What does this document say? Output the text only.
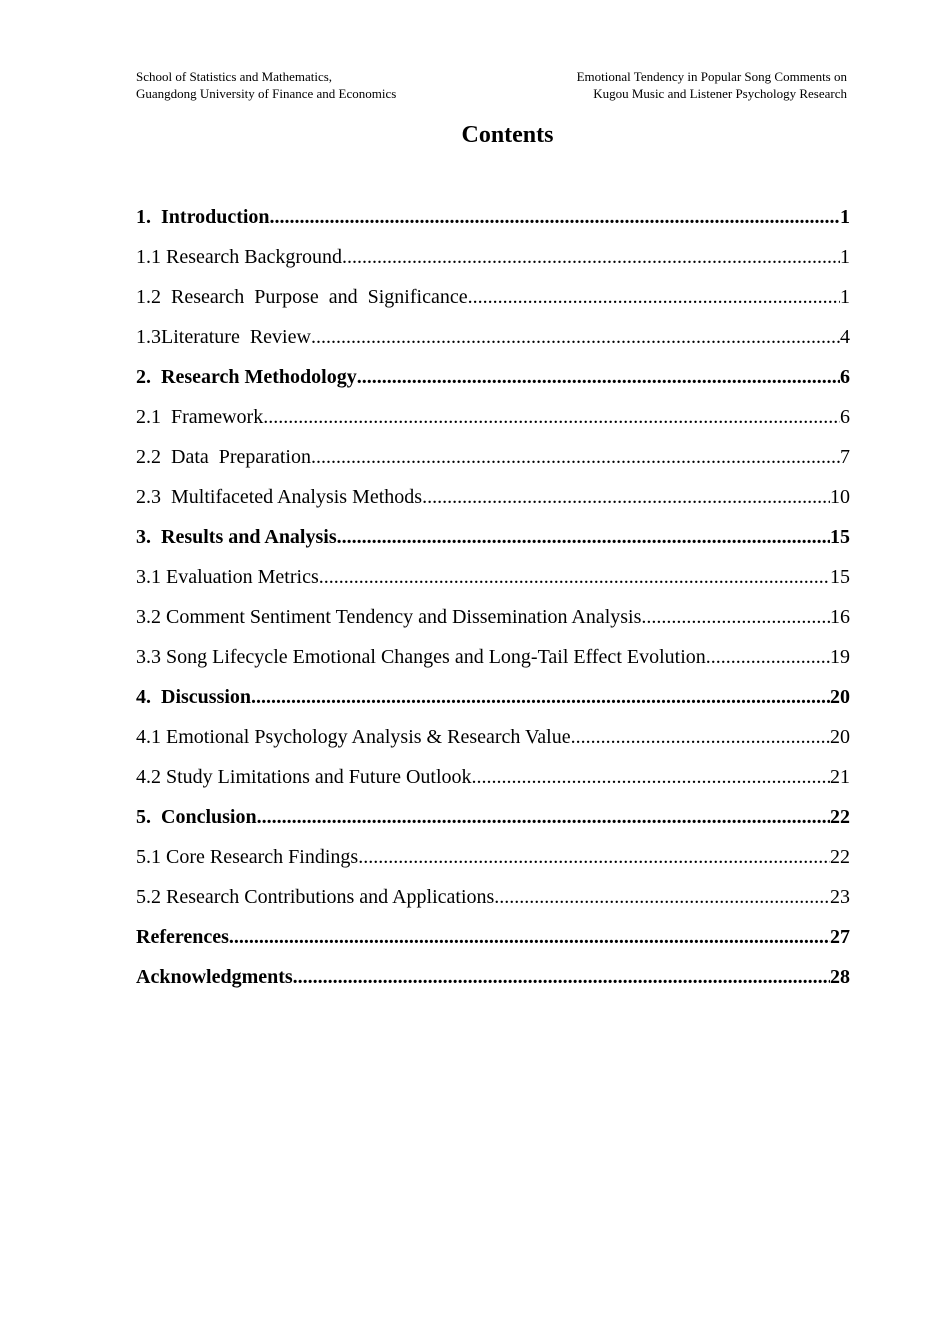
School of Statistics and Mathematics,
Guangdong University of Finance and Economics
Emotional Tendency in Popular Song Comments on
Kugou Music and Listener Psychology Research
Contents
1.  Introduction .....	1
1.1 Research Background .....	1
1.2  Research  Purpose  and  Significance .....	1
1.3Literature  Review .....	4
2.  Research Methodology .....	6
2.1  Framework .....	6
2.2  Data  Preparation .....	7
2.3  Multifaceted Analysis Methods .....	10
3.  Results and Analysis .....	15
3.1 Evaluation Metrics .....	15
3.2 Comment Sentiment Tendency and Dissemination Analysis .....	16
3.3 Song Lifecycle Emotional Changes and Long-Tail Effect Evolution .....	19
4.  Discussion .....	20
4.1 Emotional Psychology Analysis & Research Value .....	20
4.2 Study Limitations and Future Outlook .....	21
5.  Conclusion .....	22
5.1 Core Research Findings .....	22
5.2 Research Contributions and Applications .....	23
References .....	27
Acknowledgments .....	28
